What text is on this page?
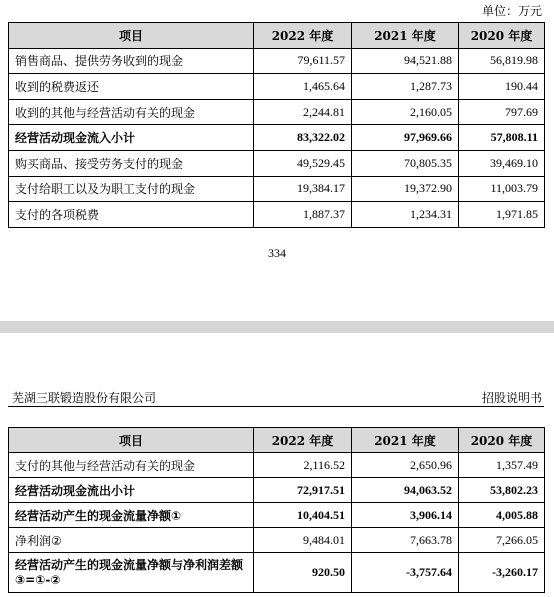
单位：万元
项目	2022 年度	2021 年度	2020 年度
销售商品、提供劳务收到的现金	79,611.57	94,521.88	56,819.98
收到的税费返还	1,465.64	1,287.73	190.44
收到的其他与经营活动有关的现金	2,244.81	2,160.05	797.69
经营活动现金流入小计	83,322.02	97,969.66	57,808.11
购买商品、接受劳务支付的现金	49,529.45	70,805.35	39,469.10
支付给职工以及为职工支付的现金	19,384.17	19,372.90	11,003.79
支付的各项税费	1,887.37	1,234.31	1,971.85
334
芜湖三联锻造股份有限公司	招股说明书
项目	2022 年度	2021 年度	2020 年度
支付的其他与经营活动有关的现金	2,116.52	2,650.96	1,357.49
经营活动现金流出小计	72,917.51	94,063.52	53,802.23
经营活动产生的现金流量净额①	10,404.51	3,906.14	4,005.88
净利润②	9,484.01	7,663.78	7,266.05
经营活动产生的现金流量净额与净利润差额③=①-②	920.50	-3,757.64	-3,260.17
